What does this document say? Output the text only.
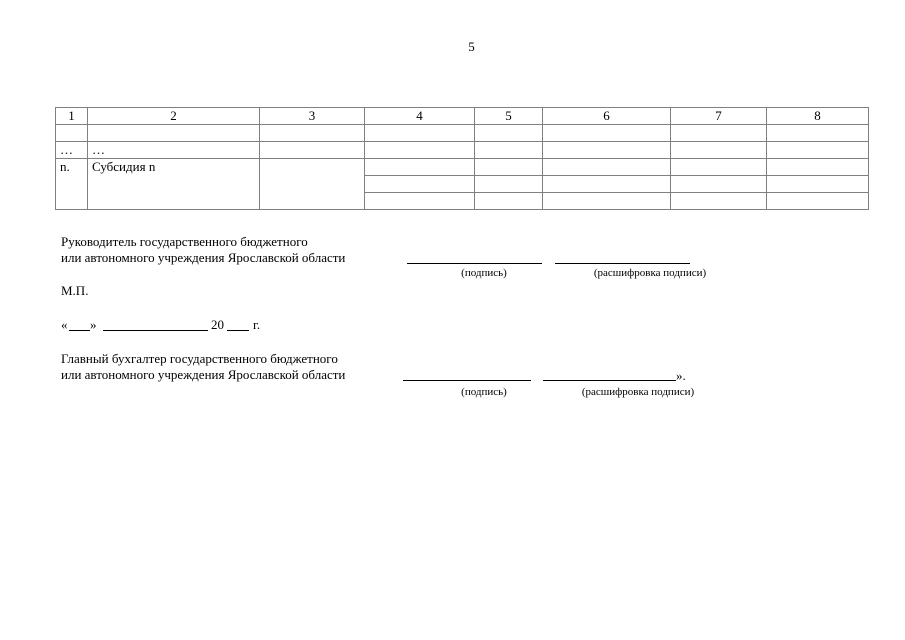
5
1	2	3	4	5	6	7	8

…	…						
n.	Субсидия n						

Руководитель государственного бюджетного
или автономного учреждения Ярославской области
(подпись)	(расшифровка подписи)
М.П.
« »	20 г.
Главный бухгалтер государственного бюджетного
или автономного учреждения Ярославской области	».
(подпись)	(расшифровка подписи)
